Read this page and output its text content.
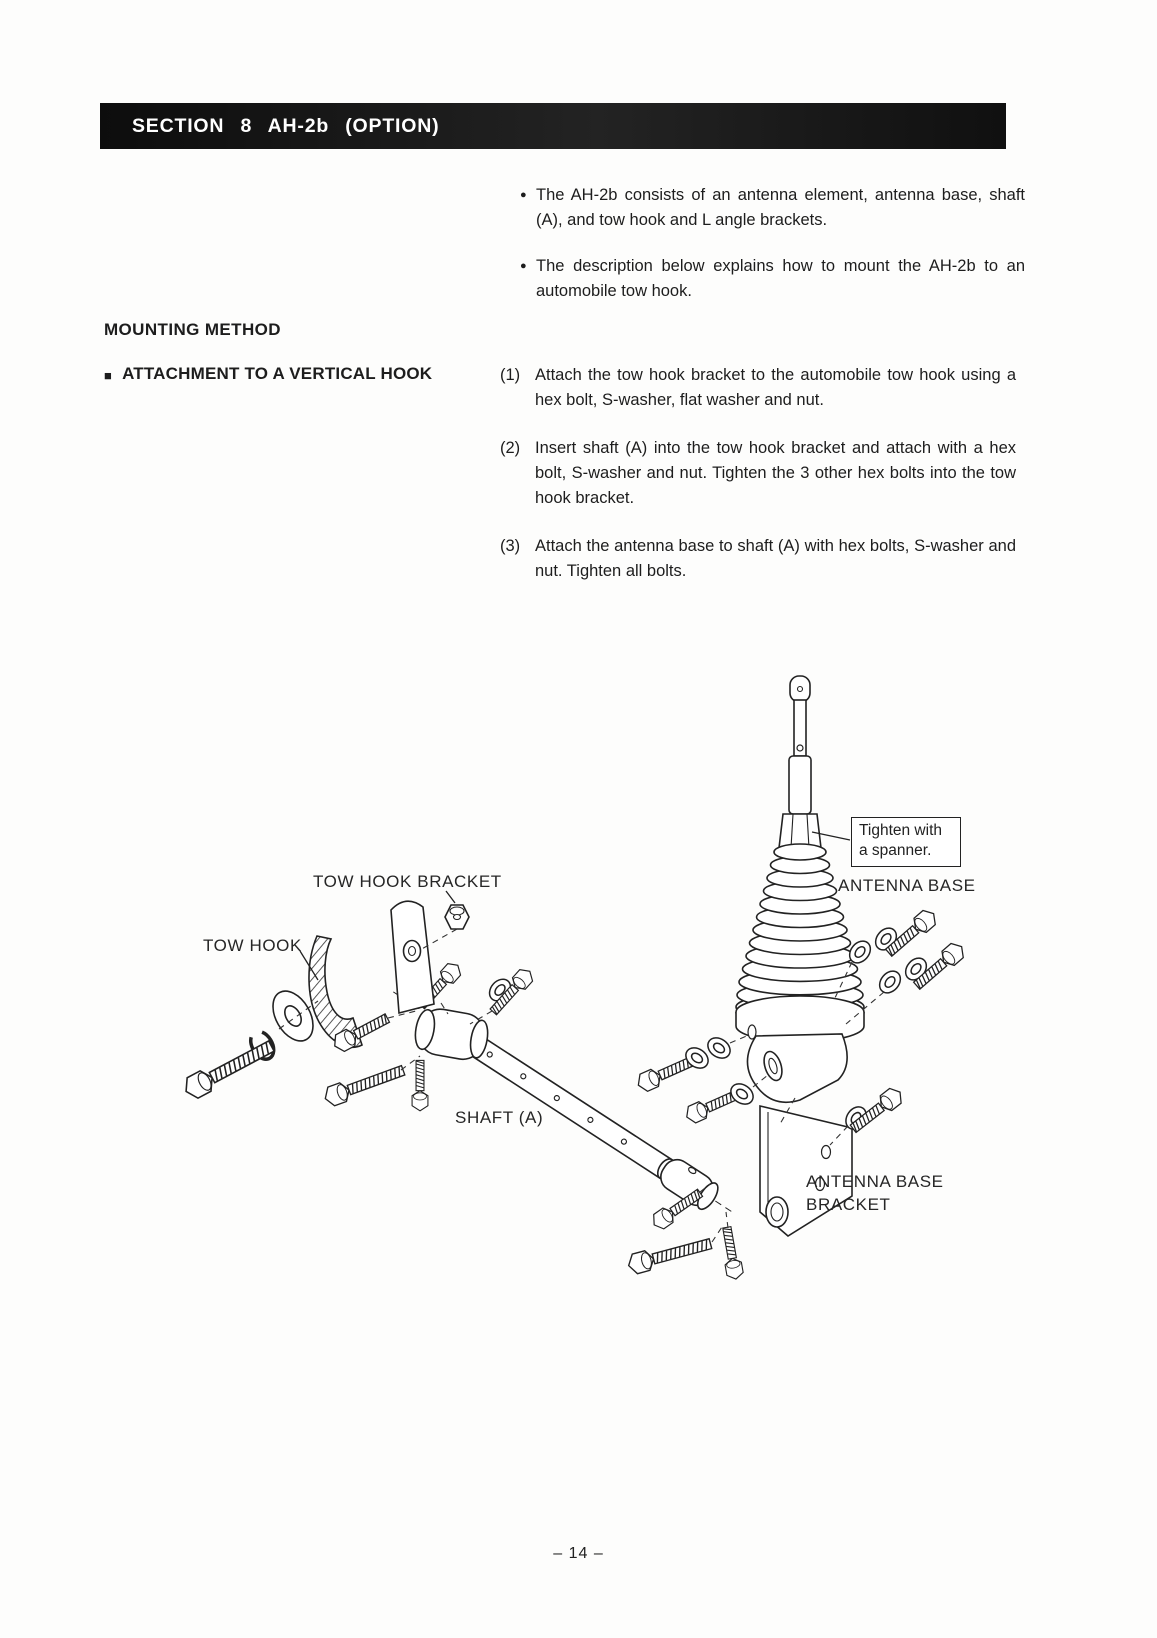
SECTION 8 AH-2b (OPTION)
● The AH-2b consists of an antenna element, antenna base, shaft (A), and tow hook and L angle brackets.
● The description below explains how to mount the AH-2b to an automobile tow hook.
MOUNTING METHOD
■ ATTACHMENT TO A VERTICAL HOOK	(1) Attach the tow hook bracket to the automobile tow hook using a hex bolt, S-washer, flat washer and nut.
(2) Insert shaft (A) into the tow hook bracket and attach with a hex bolt, S-washer and nut. Tighten the 3 other hex bolts into the tow hook bracket.
(3) Attach the antenna base to shaft (A) with hex bolts, S-washer and nut. Tighten all bolts.
Tighten with a spanner.
TOW HOOK BRACKET	ANTENNA BASE
TOW HOOK
SHAFT (A)
ANTENNA BASE BRACKET
– 14 –
